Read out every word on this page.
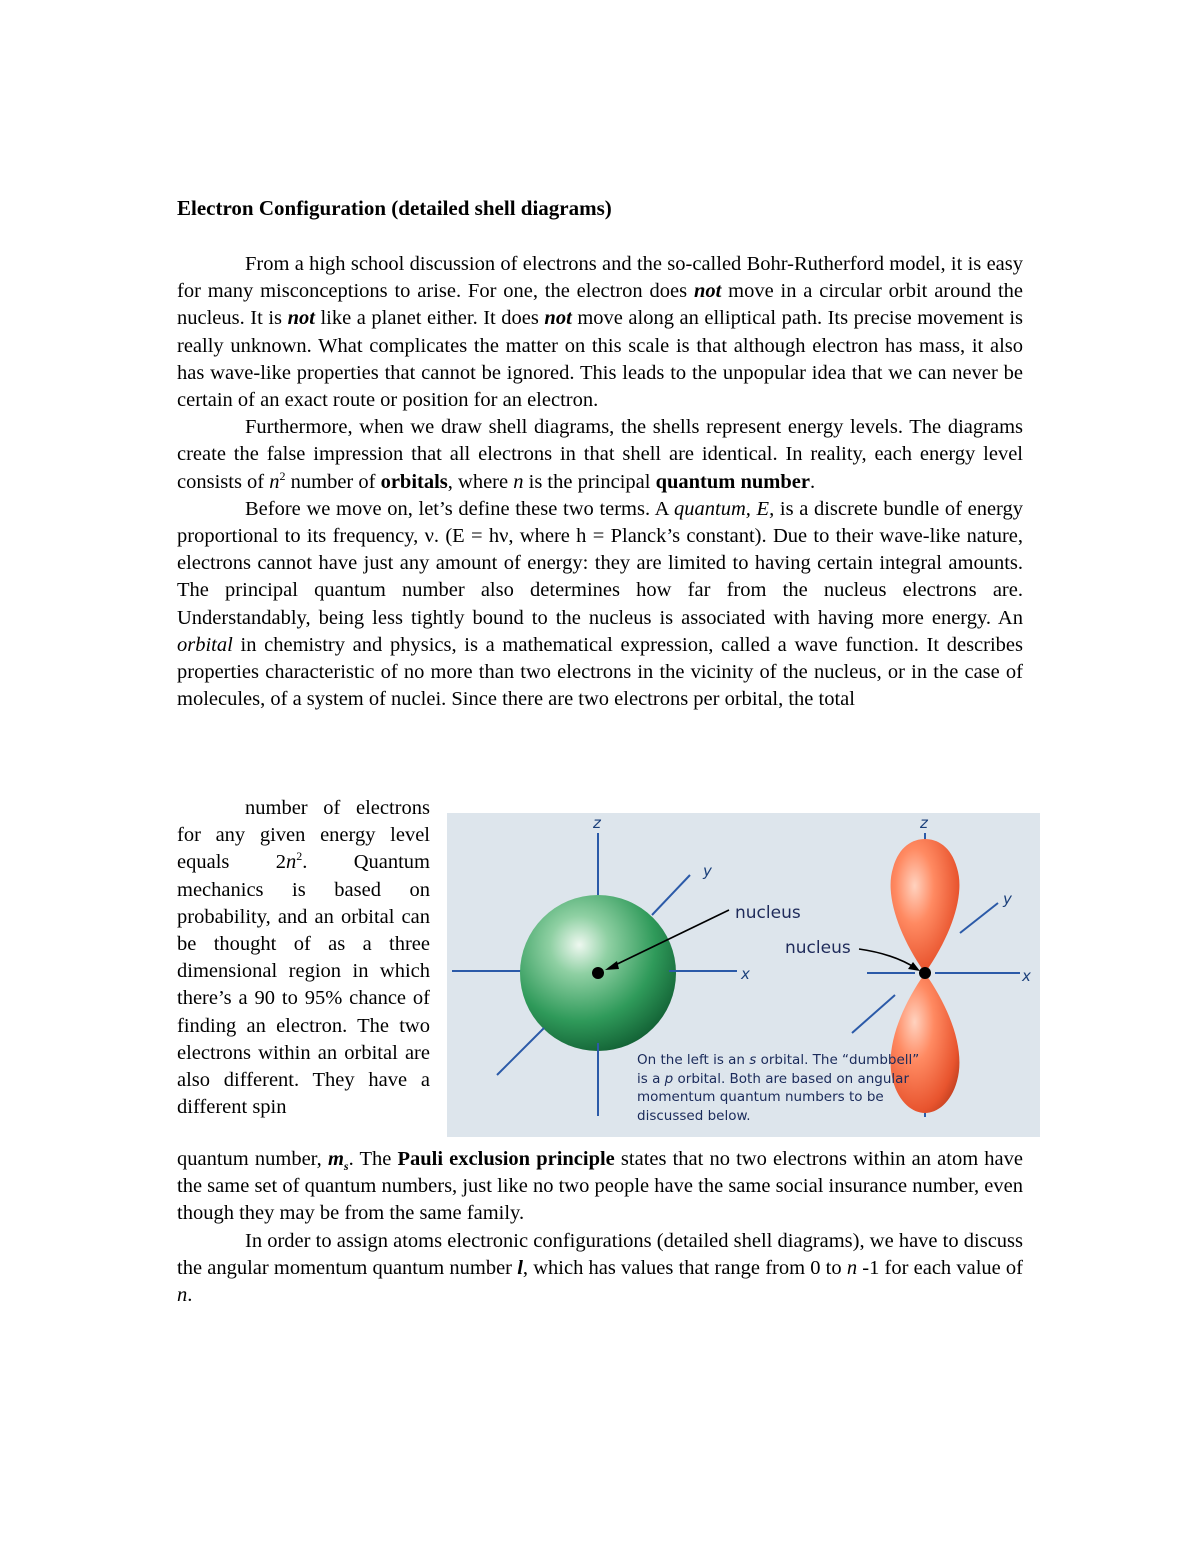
Electron Configuration (detailed shell diagrams)

From a high school discussion of electrons and the so-called Bohr-Rutherford model, it is easy for many misconceptions to arise. For one, the electron does not move in a circular orbit around the nucleus. It is not like a planet either. It does not move along an elliptical path. Its precise movement is really unknown. What complicates the matter on this scale is that although electron has mass, it also has wave-like properties that cannot be ignored. This leads to the unpopular idea that we can never be certain of an exact route or position for an electron.

Furthermore, when we draw shell diagrams, the shells represent energy levels. The diagrams create the false impression that all electrons in that shell are identical. In reality, each energy level consists of $n^2$ number of orbitals, where n is the principal quantum number.

Before we move on, let’s define these two terms. A quantum, E, is a discrete bundle of energy proportional to its frequency, ν. (E = hν, where h = Planck’s constant). Due to their wave-like nature, electrons cannot have just any amount of energy: they are limited to having certain integral amounts. The principal quantum number also determines how far from the nucleus electrons are. Understandably, being less tightly bound to the nucleus is associated with having more energy. An orbital in chemistry and physics, is a mathematical expression, called a wave function. It describes properties characteristic of no more than two electrons in the vicinity of the nucleus, or in the case of molecules, of a system of nuclei. Since there are two electrons per orbital, the total

number of electrons for any given energy level equals $2n^2$. Quantum mechanics is based on probability, and an orbital can be thought of as a three dimensional region in which there’s a 90 to 95% chance of finding an electron. The two electrons within an orbital are also different. They have a different spin

quantum number, $m_s$. The Pauli exclusion principle states that no two electrons within an atom have the same set of quantum numbers, just like no two people have the same social insurance number, even though they may be from the same family.

In order to assign atoms electronic configurations (detailed shell diagrams), we have to discuss the angular momentum quantum number l, which has values that range from 0 to n -1 for each value of n.

z
y
x
nucleus
z
y
x
nucleus

On the left is an s orbital. The “dumbbell” is a p orbital. Both are based on angular momentum quantum numbers to be discussed below.
